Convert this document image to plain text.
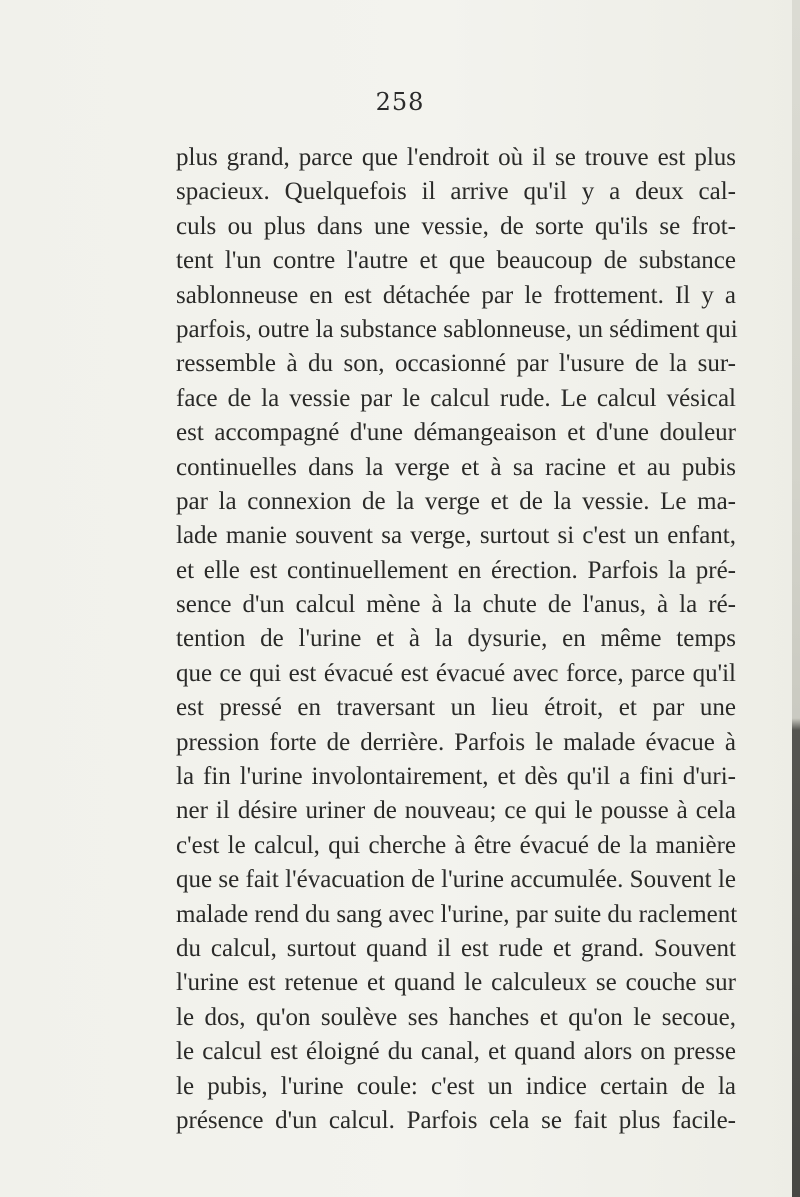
258
plus grand, parce que l'endroit où il se trouve est plus
spacieux. Quelquefois il arrive qu'il y a deux cal-
culs ou plus dans une vessie, de sorte qu'ils se frot-
tent l'un contre l'autre et que beaucoup de substance
sablonneuse en est détachée par le frottement. Il y a
parfois, outre la substance sablonneuse, un sédiment qui
ressemble à du son, occasionné par l'usure de la sur-
face de la vessie par le calcul rude. Le calcul vésical
est accompagné d'une démangeaison et d'une douleur
continuelles dans la verge et à sa racine et au pubis
par la connexion de la verge et de la vessie. Le ma-
lade manie souvent sa verge, surtout si c'est un enfant,
et elle est continuellement en érection. Parfois la pré-
sence d'un calcul mène à la chute de l'anus, à la ré-
tention de l'urine et à la dysurie, en même temps
que ce qui est évacué est évacué avec force, parce qu'il
est pressé en traversant un lieu étroit, et par une
pression forte de derrière. Parfois le malade évacue à
la fin l'urine involontairement, et dès qu'il a fini d'uri-
ner il désire uriner de nouveau; ce qui le pousse à cela
c'est le calcul, qui cherche à être évacué de la manière
que se fait l'évacuation de l'urine accumulée. Souvent le
malade rend du sang avec l'urine, par suite du raclement
du calcul, surtout quand il est rude et grand. Souvent
l'urine est retenue et quand le calculeux se couche sur
le dos, qu'on soulève ses hanches et qu'on le secoue,
le calcul est éloigné du canal, et quand alors on presse
le pubis, l'urine coule: c'est un indice certain de la
présence d'un calcul. Parfois cela se fait plus facile-
